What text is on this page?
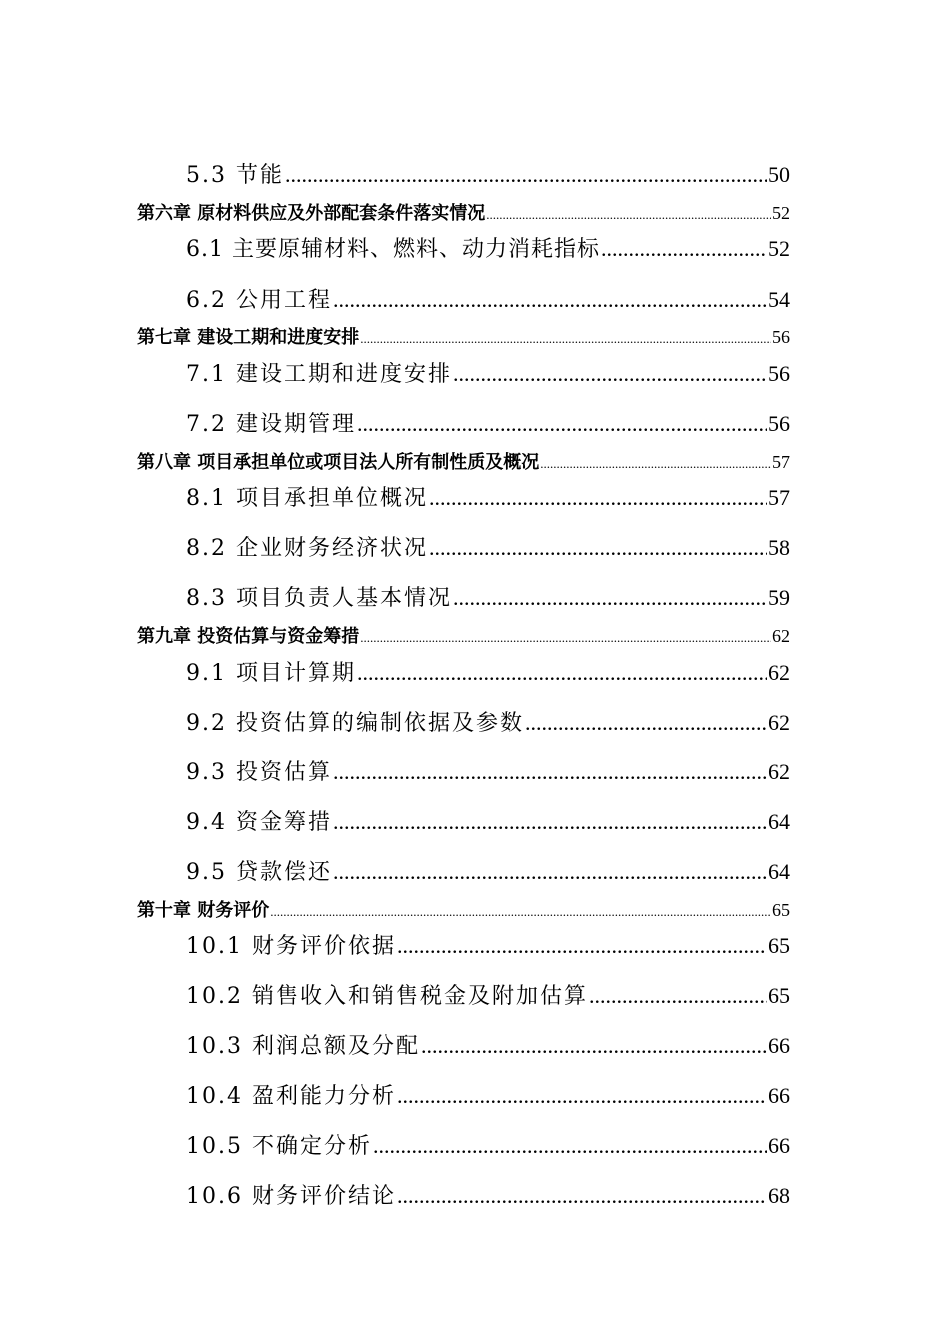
5.3 节能 .....	50
第六章 原材料供应及外部配套条件落实情况 .....	52
6.1 主要原辅材料、燃料、动力消耗指标 .....	52
6.2 公用工程 .....	54
第七章 建设工期和进度安排 .....	56
7.1 建设工期和进度安排 .....	56
7.2 建设期管理 .....	56
第八章 项目承担单位或项目法人所有制性质及概况 .....	57
8.1 项目承担单位概况 .....	57
8.2 企业财务经济状况 .....	58
8.3 项目负责人基本情况 .....	59
第九章 投资估算与资金筹措 .....	62
9.1 项目计算期 .....	62
9.2 投资估算的编制依据及参数 .....	62
9.3 投资估算 .....	62
9.4 资金筹措 .....	64
9.5 贷款偿还 .....	64
第十章 财务评价 .....	65
10.1 财务评价依据 .....	65
10.2 销售收入和销售税金及附加估算 .....	65
10.3 利润总额及分配 .....	66
10.4 盈利能力分析 .....	66
10.5 不确定分析 .....	66
10.6 财务评价结论 .....	68
